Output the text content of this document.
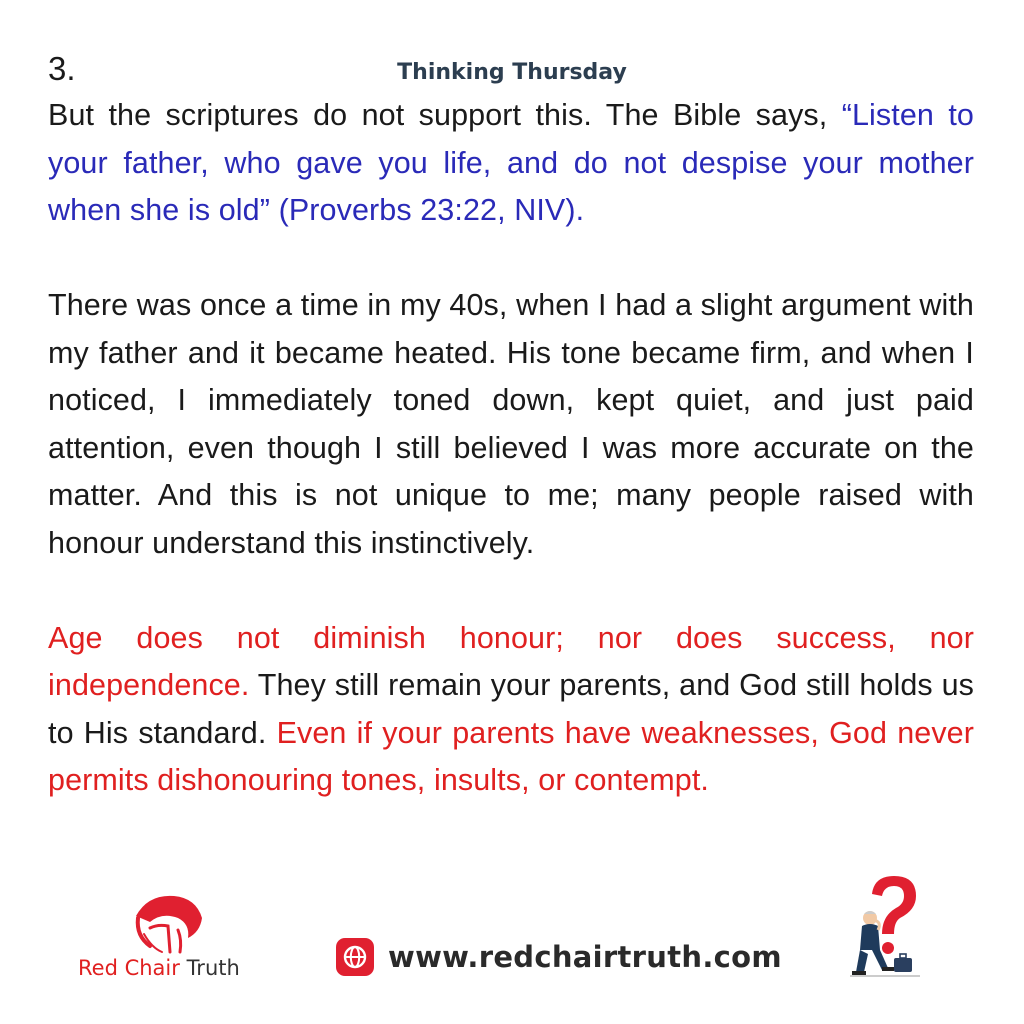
3.	Thinking Thursday

But the scriptures do not support this. The Bible says, “Listen to your father, who gave you life, and do not despise your mother when she is old” (Proverbs 23:22, NIV).

There was once a time in my 40s, when I had a slight argument with my father and it became heated. His tone became firm, and when I noticed, I immediately toned down, kept quiet, and just paid attention, even though I still believed I was more accurate on the matter. And this is not unique to me; many people raised with honour understand this instinctively.

Age does not diminish honour; nor does success, nor independence. They still remain your parents, and God still holds us to His standard. Even if your parents have weaknesses, God never permits dishonouring tones, insults, or contempt.

Red Chair Truth	www.redchairtruth.com
